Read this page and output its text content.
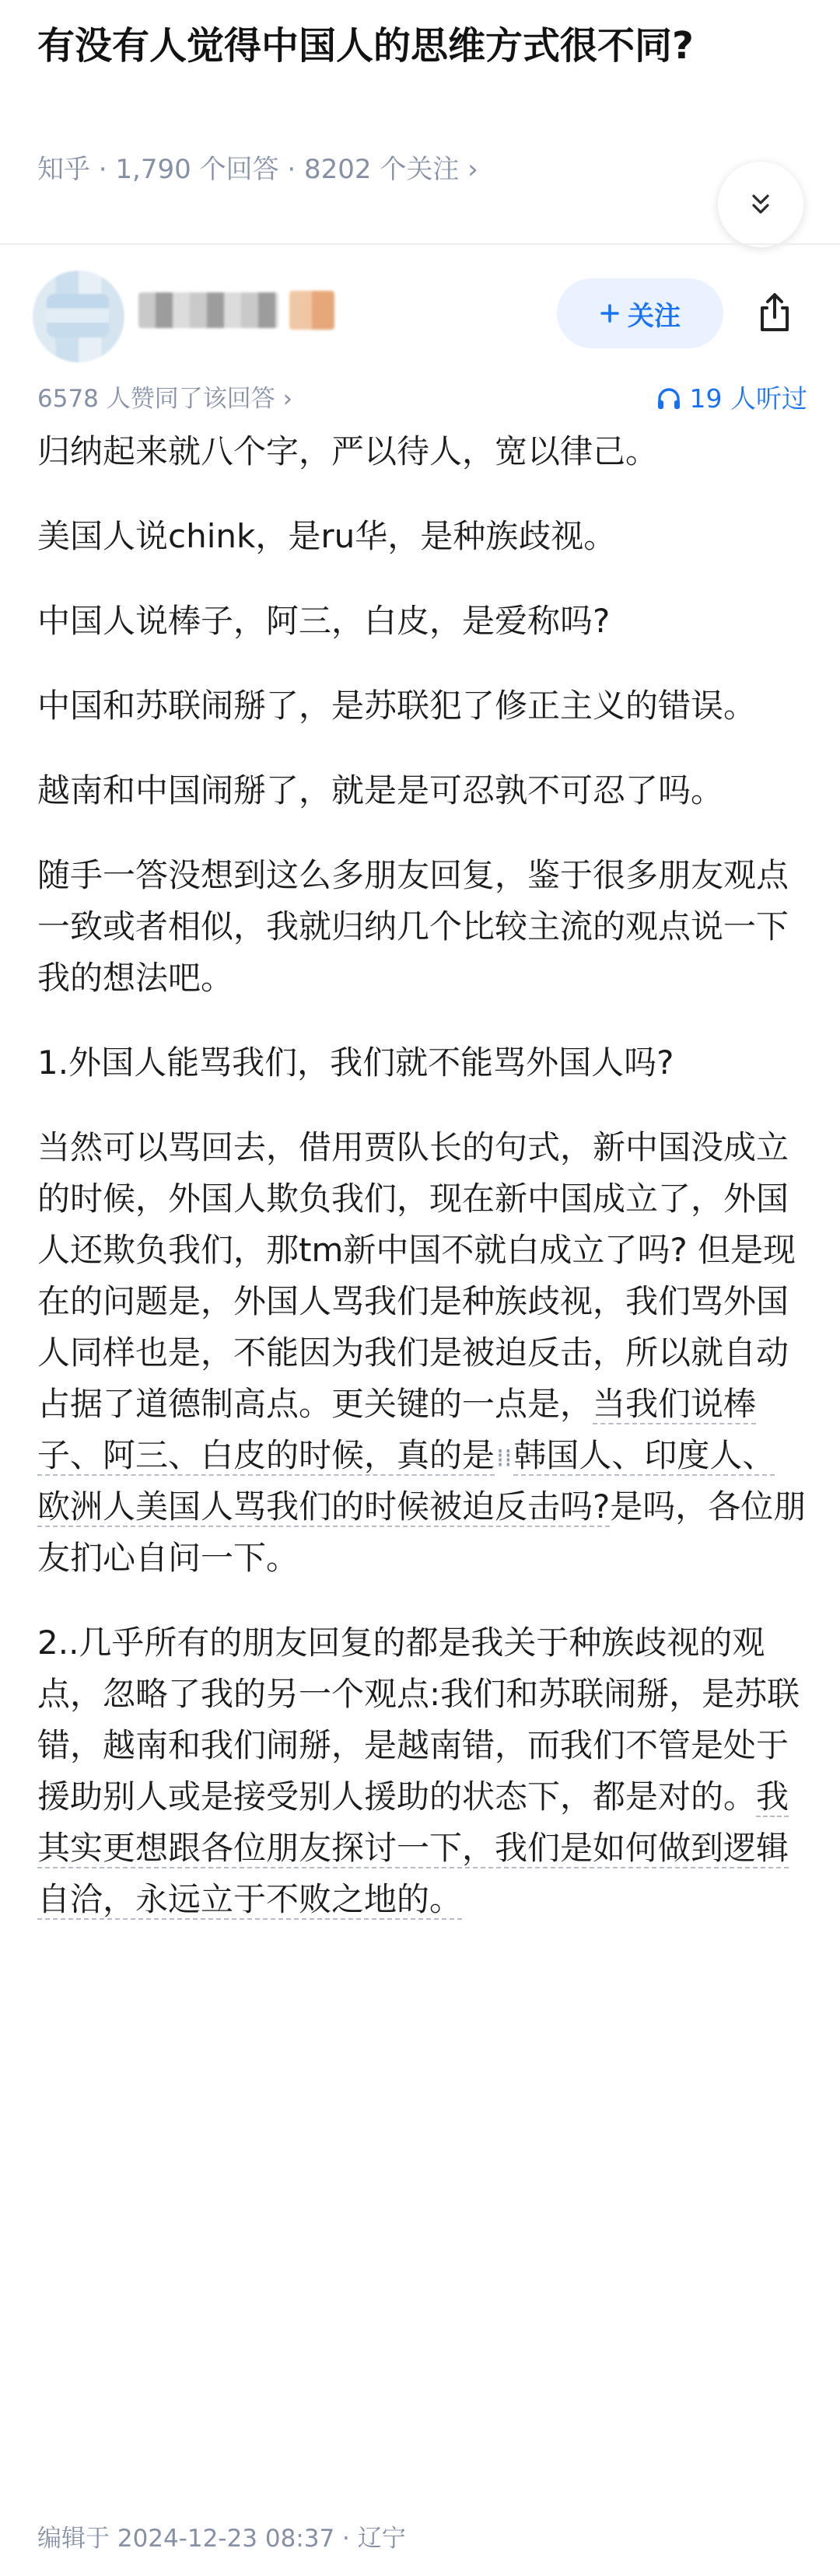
有没有人觉得中国人的思维方式很不同?
知乎 · 1,790 个回答 · 8202 个关注 ›
关注
6578 人赞同了该回答 ›	19 人听过

归纳起来就八个字，严以待人，宽以律己。

美国人说chink，是ru华，是种族歧视。

中国人说棒子，阿三，白皮，是爱称吗?

中国和苏联闹掰了，是苏联犯了修正主义的错误。

越南和中国闹掰了，就是是可忍孰不可忍了吗。

随手一答没想到这么多朋友回复，鉴于很多朋友观点一致或者相似，我就归纳几个比较主流的观点说一下我的想法吧。

1.外国人能骂我们，我们就不能骂外国人吗?

当然可以骂回去，借用贾队长的句式，新中国没成立的时候，外国人欺负我们，现在新中国成立了，外国人还欺负我们，那tm新中国不就白成立了吗? 但是现在的问题是，外国人骂我们是种族歧视，我们骂外国人同样也是，不能因为我们是被迫反击，所以就自动占据了道德制高点。更关键的一点是，当我们说棒子、阿三、白皮的时候，真的是⁞⁞韩国人、印度人、欧洲人美国人骂我们的时候被迫反击吗?是吗，各位朋友扪心自问一下。

2..几乎所有的朋友回复的都是我关于种族歧视的观点，忽略了我的另一个观点:我们和苏联闹掰，是苏联错，越南和我们闹掰，是越南错，而我们不管是处于援助别人或是接受别人援助的状态下，都是对的。我其实更想跟各位朋友探讨一下，我们是如何做到逻辑自洽，永远立于不败之地的。

编辑于 2024-12-23 08:37 · 辽宁
